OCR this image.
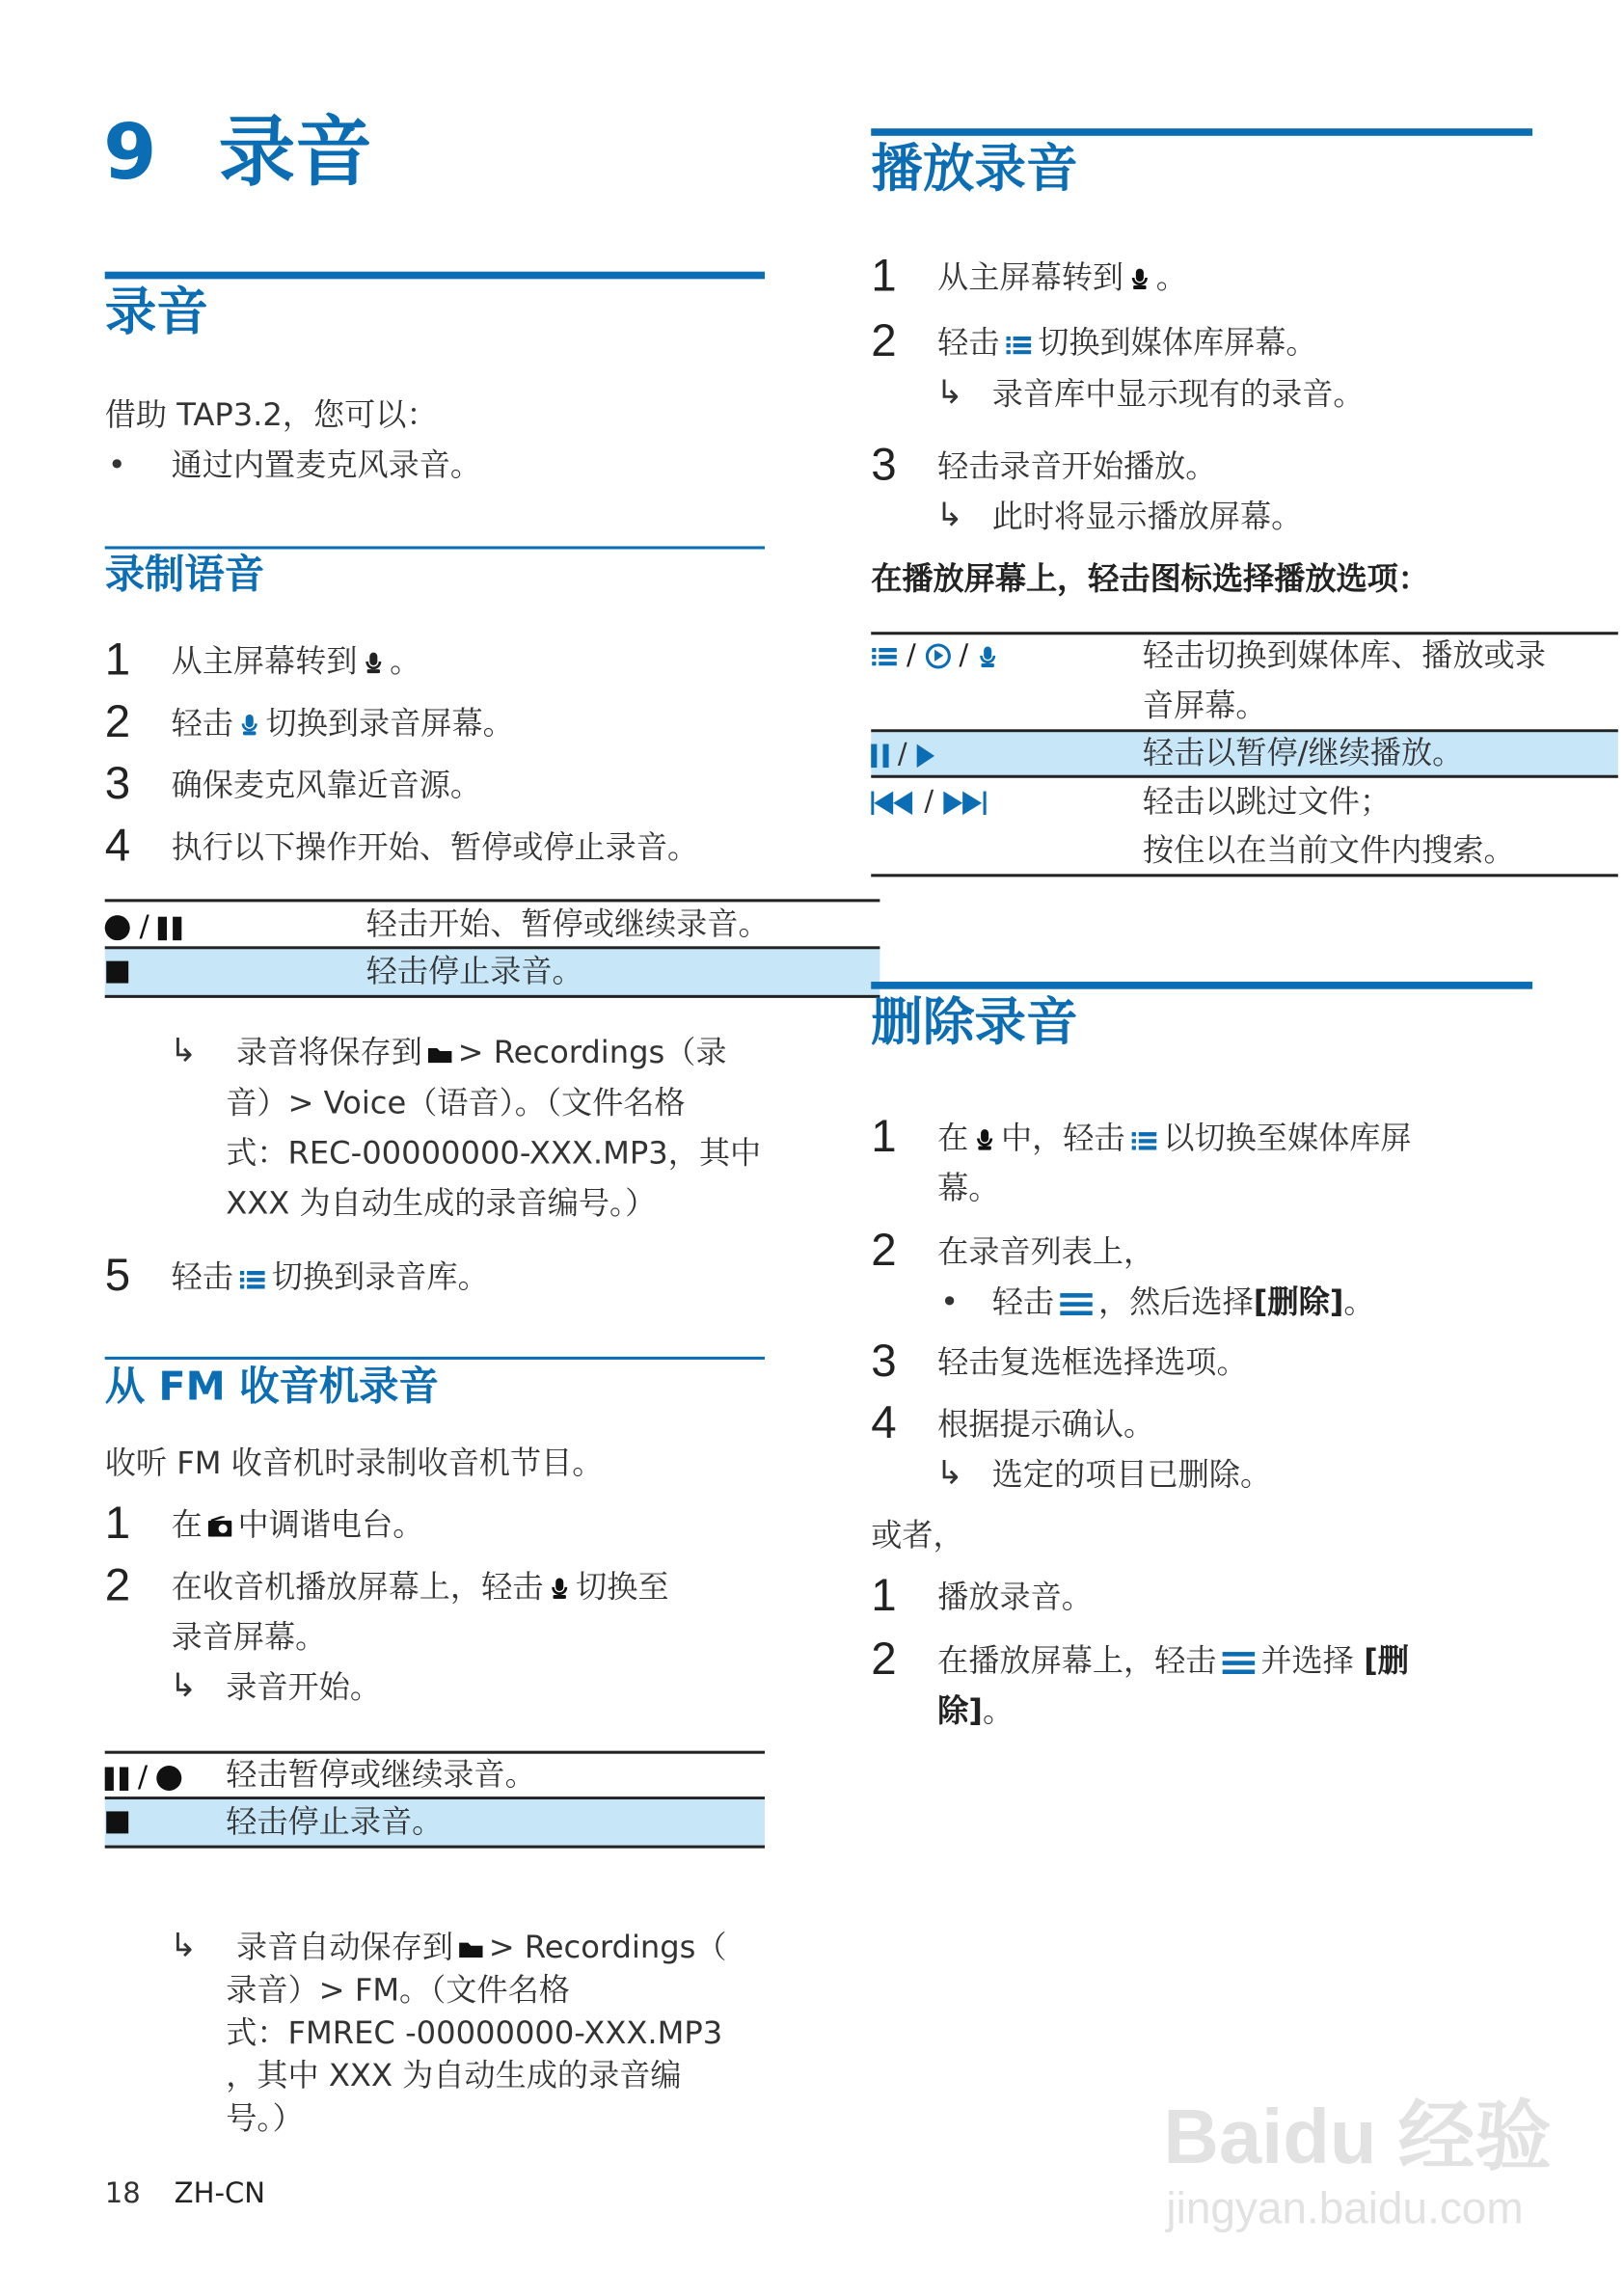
9 录音
录音
借助 TAP3.2，您可以：
• 通过内置麦克风录音。
录制语音
1 从主屏幕转到 。
2 轻击 切换到录音屏幕。
3 确保麦克风靠近音源。
4 执行以下操作开始、暂停或停止录音。
/	轻击开始、暂停或继续录音。
轻击停止录音。
↳ 录音将保存到 > Recordings（录
音）> Voice（语音）。（文件名格
式：REC-00000000-XXX.MP3，其中
XXX 为自动生成的录音编号。）
5 轻击 切换到录音库。
从 FM 收音机录音
收听 FM 收音机时录制收音机节目。
1 在 中调谐电台。
2 在收音机播放屏幕上，轻击 切换至
录音屏幕。
↳ 录音开始。
/	轻击暂停或继续录音。
轻击停止录音。
↳ 录音自动保存到 > Recordings（
录音）> FM。（文件名格
式：FMREC -00000000-XXX.MP3
，其中 XXX 为自动生成的录音编
号。）
18 ZH-CN
播放录音
1 从主屏幕转到 。
2 轻击 切换到媒体库屏幕。
↳ 录音库中显示现有的录音。
3 轻击录音开始播放。
↳ 此时将显示播放屏幕。
在播放屏幕上，轻击图标选择播放选项：
/ /	轻击切换到媒体库、播放或录
音屏幕。
/	轻击以暂停/继续播放。
/	轻击以跳过文件；
按住以在当前文件内搜索。
删除录音
1 在 中，轻击 以切换至媒体库屏
幕。
2 在录音列表上，
• 轻击 ，然后选择[删除]。
3 轻击复选框选择选项。
4 根据提示确认。
↳ 选定的项目已删除。
或者，
1 播放录音。
2 在播放屏幕上，轻击 并选择 [删
除]。
Baidu 经验
jingyan.baidu.com
